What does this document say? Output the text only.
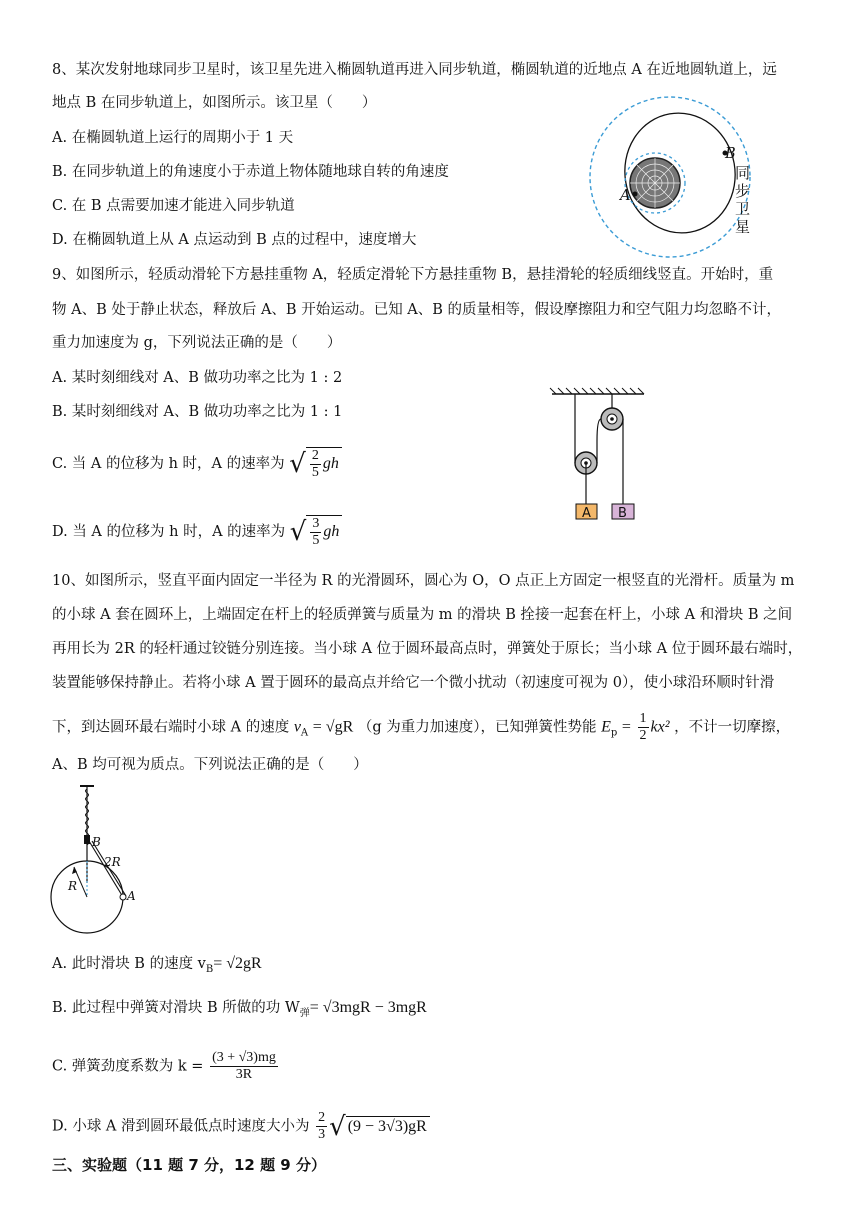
8、某次发射地球同步卫星时，该卫星先进入椭圆轨道再进入同步轨道，椭圆轨道的近地点 A 在近地圆轨道上，远
地点 B 在同步轨道上，如图所示。该卫星（　　）
A. 在椭圆轨道上运行的周期小于 1 天
B. 在同步轨道上的角速度小于赤道上物体随地球自转的角速度
C. 在 B 点需要加速才能进入同步轨道
D. 在椭圆轨道上从 A 点运动到 B 点的过程中，速度增大
A
B
同
步
卫
星
9、如图所示，轻质动滑轮下方悬挂重物 A，轻质定滑轮下方悬挂重物 B，悬挂滑轮的轻质细线竖直。开始时，重
物 A、B 处于静止状态，释放后 A、B 开始运动。已知 A、B 的质量相等，假设摩擦阻力和空气阻力均忽略不计，
重力加速度为 g，下列说法正确的是（　　）
A. 某时刻细线对 A、B 做功功率之比为 1 : 2
B. 某时刻细线对 A、B 做功功率之比为 1 : 1
C. 当 A 的位移为 h 时，A 的速率为 √ $\frac{2}{5}$ gh
D. 当 A 的位移为 h 时，A 的速率为 √ $\frac{3}{5}$ gh
A B
10、如图所示，竖直平面内固定一半径为 R 的光滑圆环，圆心为 O，O 点正上方固定一根竖直的光滑杆。质量为 m
的小球 A 套在圆环上，上端固定在杆上的轻质弹簧与质量为 m 的滑块 B 拴接一起套在杆上，小球 A 和滑块 B 之间
再用长为 2R 的轻杆通过铰链分别连接。当小球 A 位于圆环最高点时，弹簧处于原长；当小球 A 位于圆环最右端时，
装置能够保持静止。若将小球 A 置于圆环的最高点并给它一个微小扰动（初速度可视为 0），使小球沿环顺时针滑
下，到达圆环最右端时小球 A 的速度 $v_A = √gR$ （g 为重力加速度），已知弹簧性势能 $E_p = \frac{1}{2} kx^2$ ，不计一切摩擦，
A、B 均可视为质点。下列说法正确的是（　　）
B
2R
R
A
A. 此时滑块 B 的速度 $v_B= √2gR$
B. 此过程中弹簧对滑块 B 所做的功 $W_弹= √3mgR - 3mgR$
C. 弹簧劲度系数为 $k = \frac{(3 + √3)mg}{3R}$
D. 小球 A 滑到圆环最低点时速度大小为 $\frac{2}{3}$ √ (9 − 3√3)gR
三、实验题（11 题 7 分，12 题 9 分）
